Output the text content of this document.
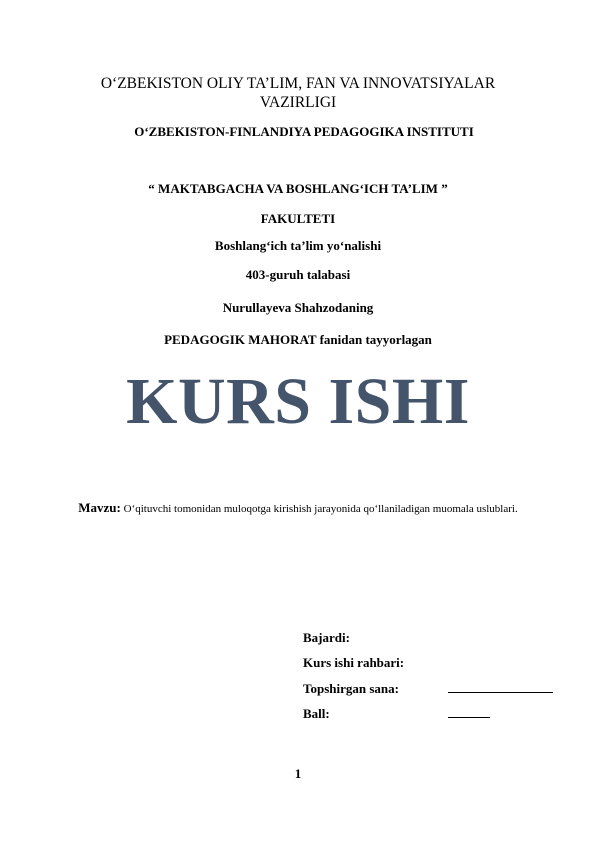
O‘ZBEKISTON OLIY TA’LIM, FAN VA INNOVATSIYALAR
VAZIRLIGI
O‘ZBEKISTON-FINLANDIYA PEDAGOGIKA INSTITUTI
“ MAKTABGACHA VA BOSHLANG‘ICH TA’LIM ”
FAKULTETI
Boshlang‘ich ta’lim yo‘nalishi
403-guruh talabasi
Nurullayeva Shahzodaning
PEDAGOGIK MAHORAT fanidan tayyorlagan
KURS ISHI
Mavzu: O‘qituvchi tomonidan muloqotga kirishish jarayonida qo‘llaniladigan muomala uslublari.
Bajardi:
Kurs ishi rahbari:
Topshirgan sana:
Ball:
1
